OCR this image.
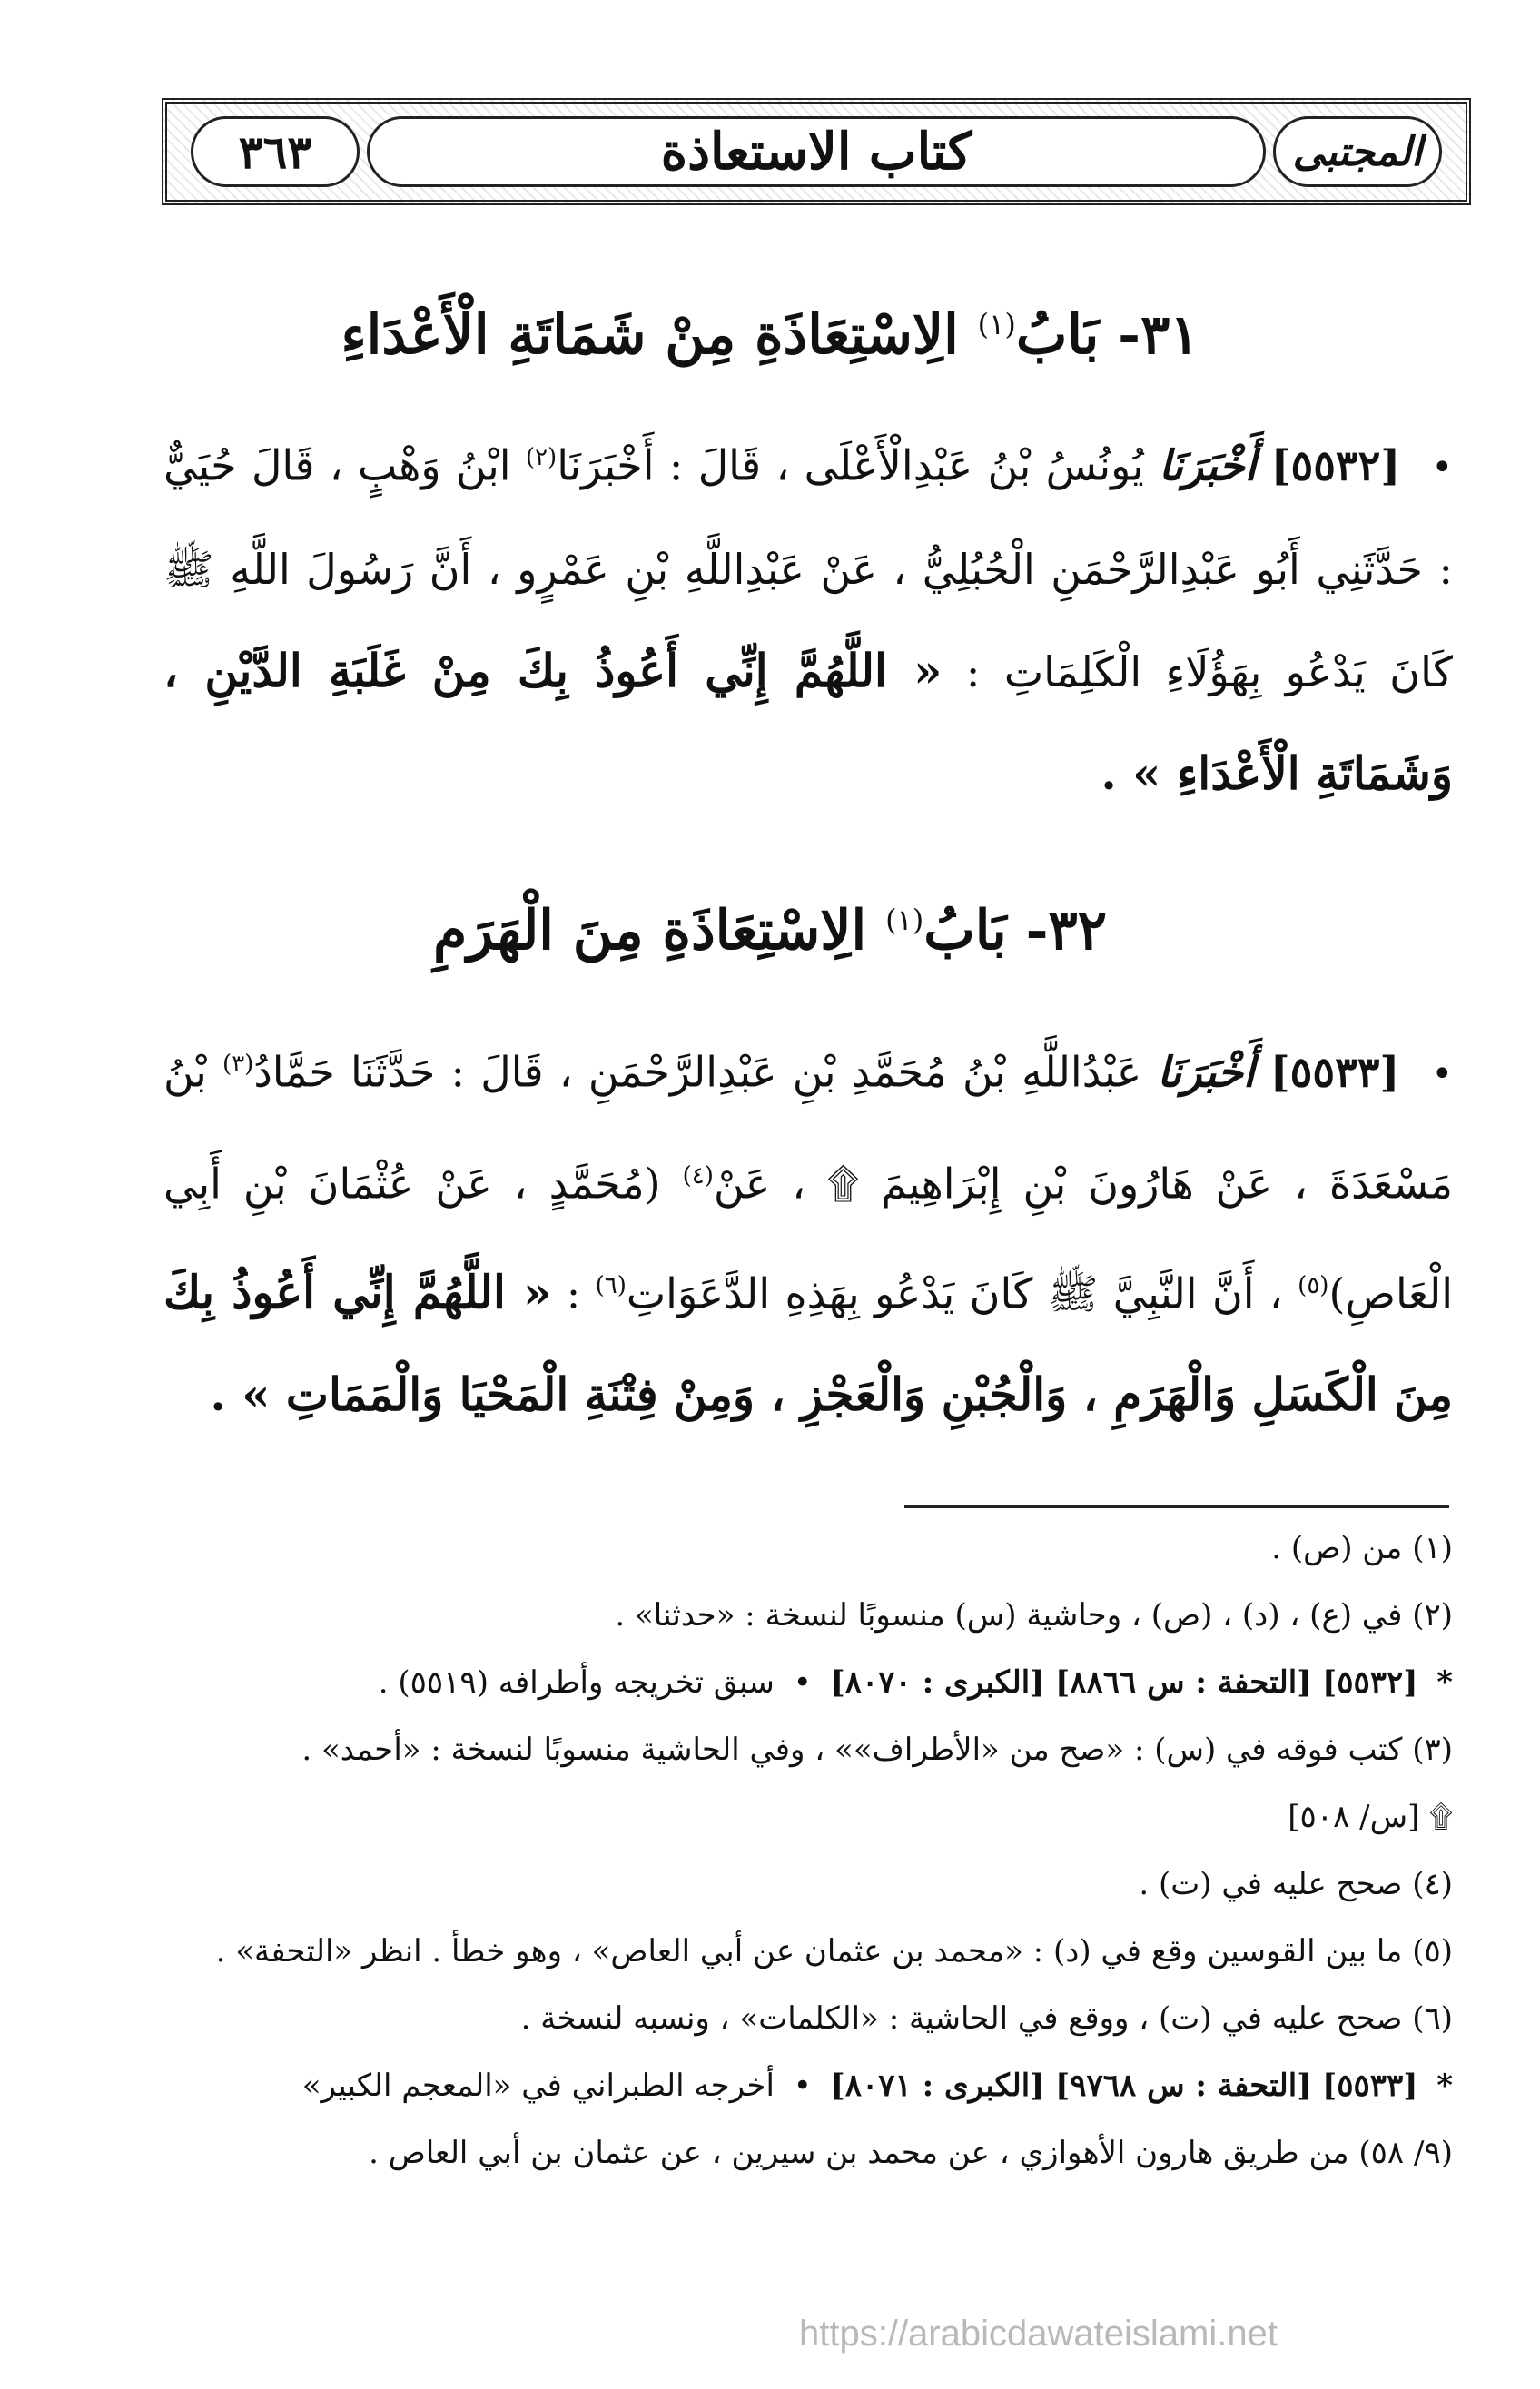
٣٦٣	كتاب الاستعاذة	المجتبى
٣١- بَابُ$^{(١)}$ الِاسْتِعَاذَةِ مِنْ شَمَاتَةِ الْأَعْدَاءِ
• [٥٥٣٢] أَخْبَرَنَا يُونُسُ بْنُ عَبْدِالْأَعْلَى ، قَالَ : أَخْبَرَنَا$^{(٢)}$ ابْنُ وَهْبٍ ، قَالَ حُيَيٌّ : حَدَّثَنِي أَبُو عَبْدِالرَّحْمَنِ الْحُبُلِيُّ ، عَنْ عَبْدِاللَّهِ بْنِ عَمْرٍو ، أَنَّ رَسُولَ اللَّهِ ﷺ كَانَ يَدْعُو بِهَؤُلَاءِ الْكَلِمَاتِ : « اللَّهُمَّ إِنِّي أَعُوذُ بِكَ مِنْ غَلَبَةِ الدَّيْنِ ، وَشَمَاتَةِ الْأَعْدَاءِ » .
٣٢- بَابُ$^{(١)}$ الِاسْتِعَاذَةِ مِنَ الْهَرَمِ
• [٥٥٣٣] أَخْبَرَنَا عَبْدُاللَّهِ بْنُ مُحَمَّدِ بْنِ عَبْدِالرَّحْمَنِ ، قَالَ : حَدَّثَنَا حَمَّادُ$^{(٣)}$ بْنُ مَسْعَدَةَ ، عَنْ هَارُونَ بْنِ إِبْرَاهِيمَ ۩ ، عَنْ$^{(٤)}$ (مُحَمَّدٍ ، عَنْ عُثْمَانَ بْنِ أَبِي الْعَاصِ)$^{(٥)}$ ، أَنَّ النَّبِيَّ ﷺ كَانَ يَدْعُو بِهَذِهِ الدَّعَوَاتِ$^{(٦)}$ : « اللَّهُمَّ إِنِّي أَعُوذُ بِكَ مِنَ الْكَسَلِ وَالْهَرَمِ ، وَالْجُبْنِ وَالْعَجْزِ ، وَمِنْ فِتْنَةِ الْمَحْيَا وَالْمَمَاتِ » .
(١) من (ص) .
(٢) في (ع) ، (د) ، (ص) ، وحاشية (س) منسوبًا لنسخة : «حدثنا» .
* [٥٥٣٢] [التحفة : س ٨٨٦٦] [الكبرى : ٨٠٧٠] • سبق تخريجه وأطرافه (٥٥١٩) .
(٣) كتب فوقه في (س) : «صح من «الأطراف»» ، وفي الحاشية منسوبًا لنسخة : «أحمد» .
۩ [س/ ٥٠٨]
(٤) صحح عليه في (ت) .
(٥) ما بين القوسين وقع في (د) : «محمد بن عثمان عن أبي العاص» ، وهو خطأ . انظر «التحفة» .
(٦) صحح عليه في (ت) ، ووقع في الحاشية : «الكلمات» ، ونسبه لنسخة .
* [٥٥٣٣] [التحفة : س ٩٧٦٨] [الكبرى : ٨٠٧١] • أخرجه الطبراني في «المعجم الكبير»
(٩/ ٥٨) من طريق هارون الأهوازي ، عن محمد بن سيرين ، عن عثمان بن أبي العاص .
https://arabicdawateislami.net
